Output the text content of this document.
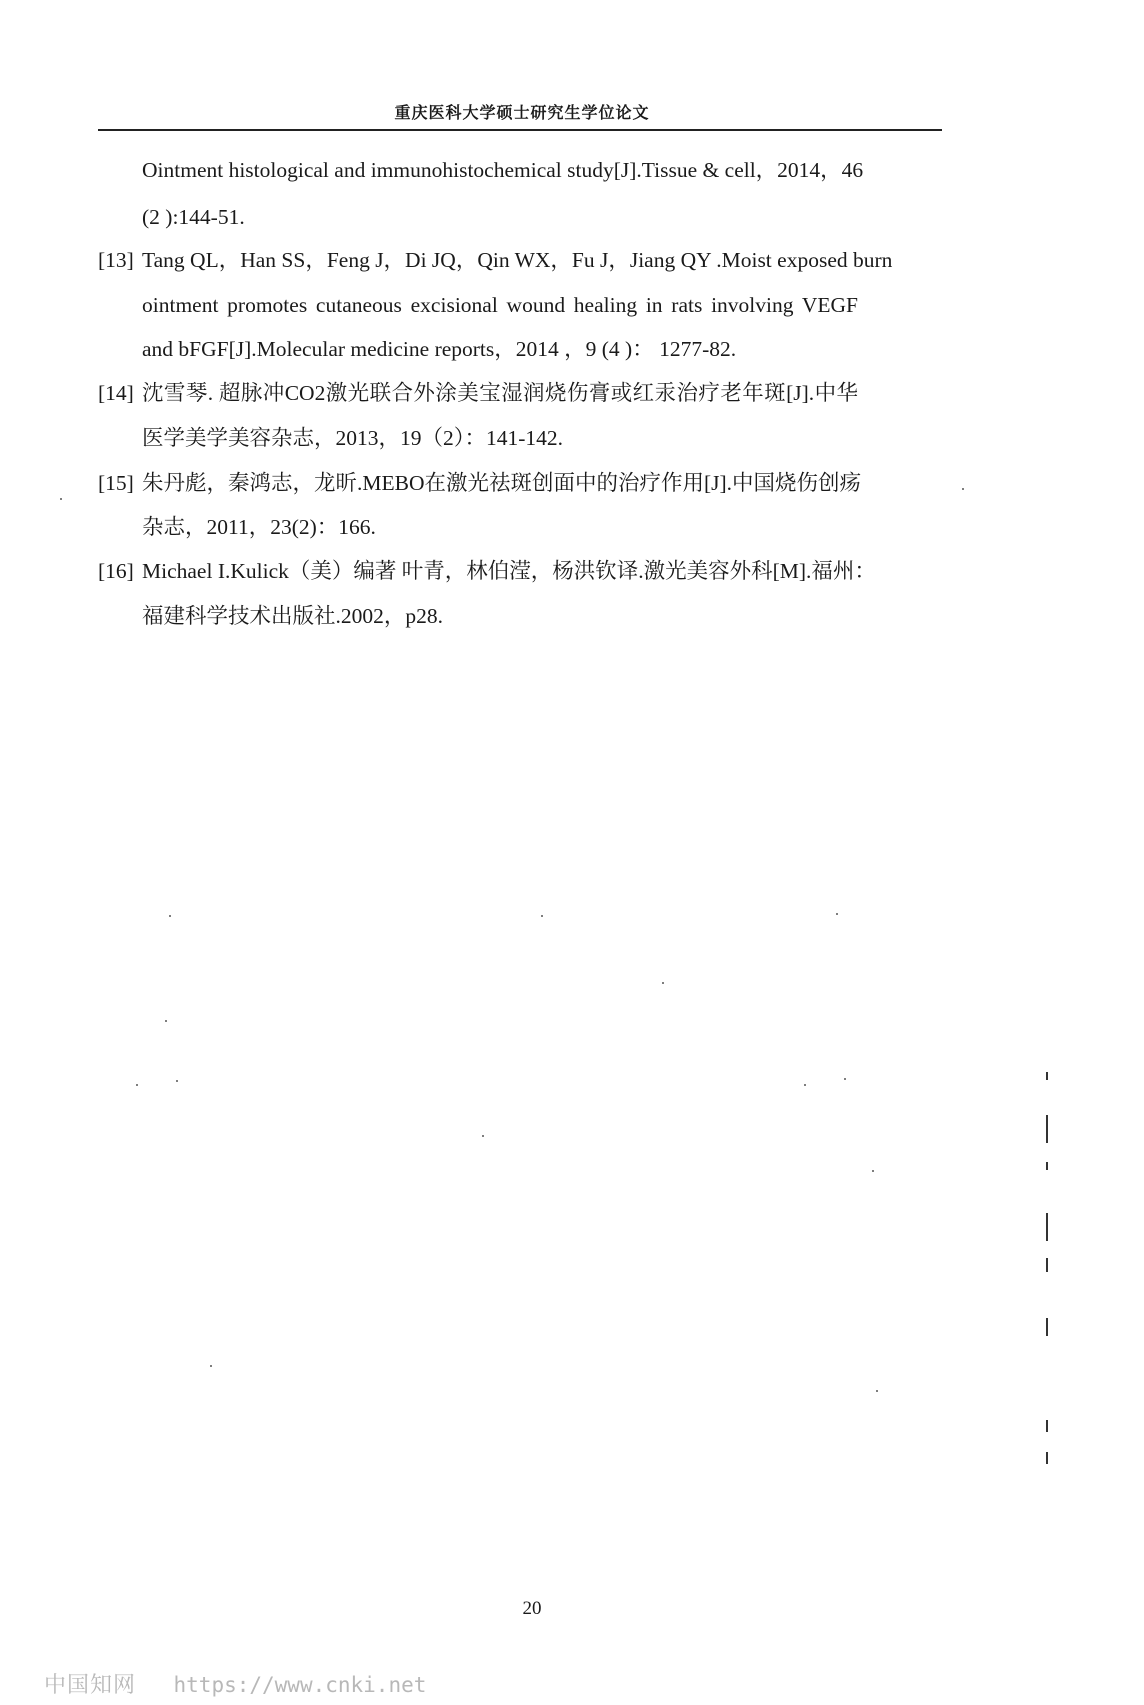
重庆医科大学硕士研究生学位论文
Ointment histological and immunohistochemical study[J].Tissue & cell，2014，46
(2 ):144-51.
[13] Tang QL，Han SS，Feng J，Di JQ，Qin WX，Fu J，Jiang QY .Moist exposed burn
ointment promotes cutaneous excisional wound healing in rats involving VEGF
and bFGF[J].Molecular medicine reports，2014 ，9 (4 )： 1277-82.
[14] 沈雪琴. 超脉冲CO2激光联合外涂美宝湿润烧伤膏或红汞治疗老年斑[J].中华
医学美学美容杂志，2013，19（2）：141-142.
[15] 朱丹彪，秦鸿志，龙昕.MEBO在激光祛斑创面中的治疗作用[J].中国烧伤创疡
杂志，2011，23(2)：166.
[16] Michael I.Kulick（美）编著 叶青，林伯滢，杨洪钦译.激光美容外科[M].福州：
福建科学技术出版社.2002，p28.
20
中国知网 https://www.cnki.net
